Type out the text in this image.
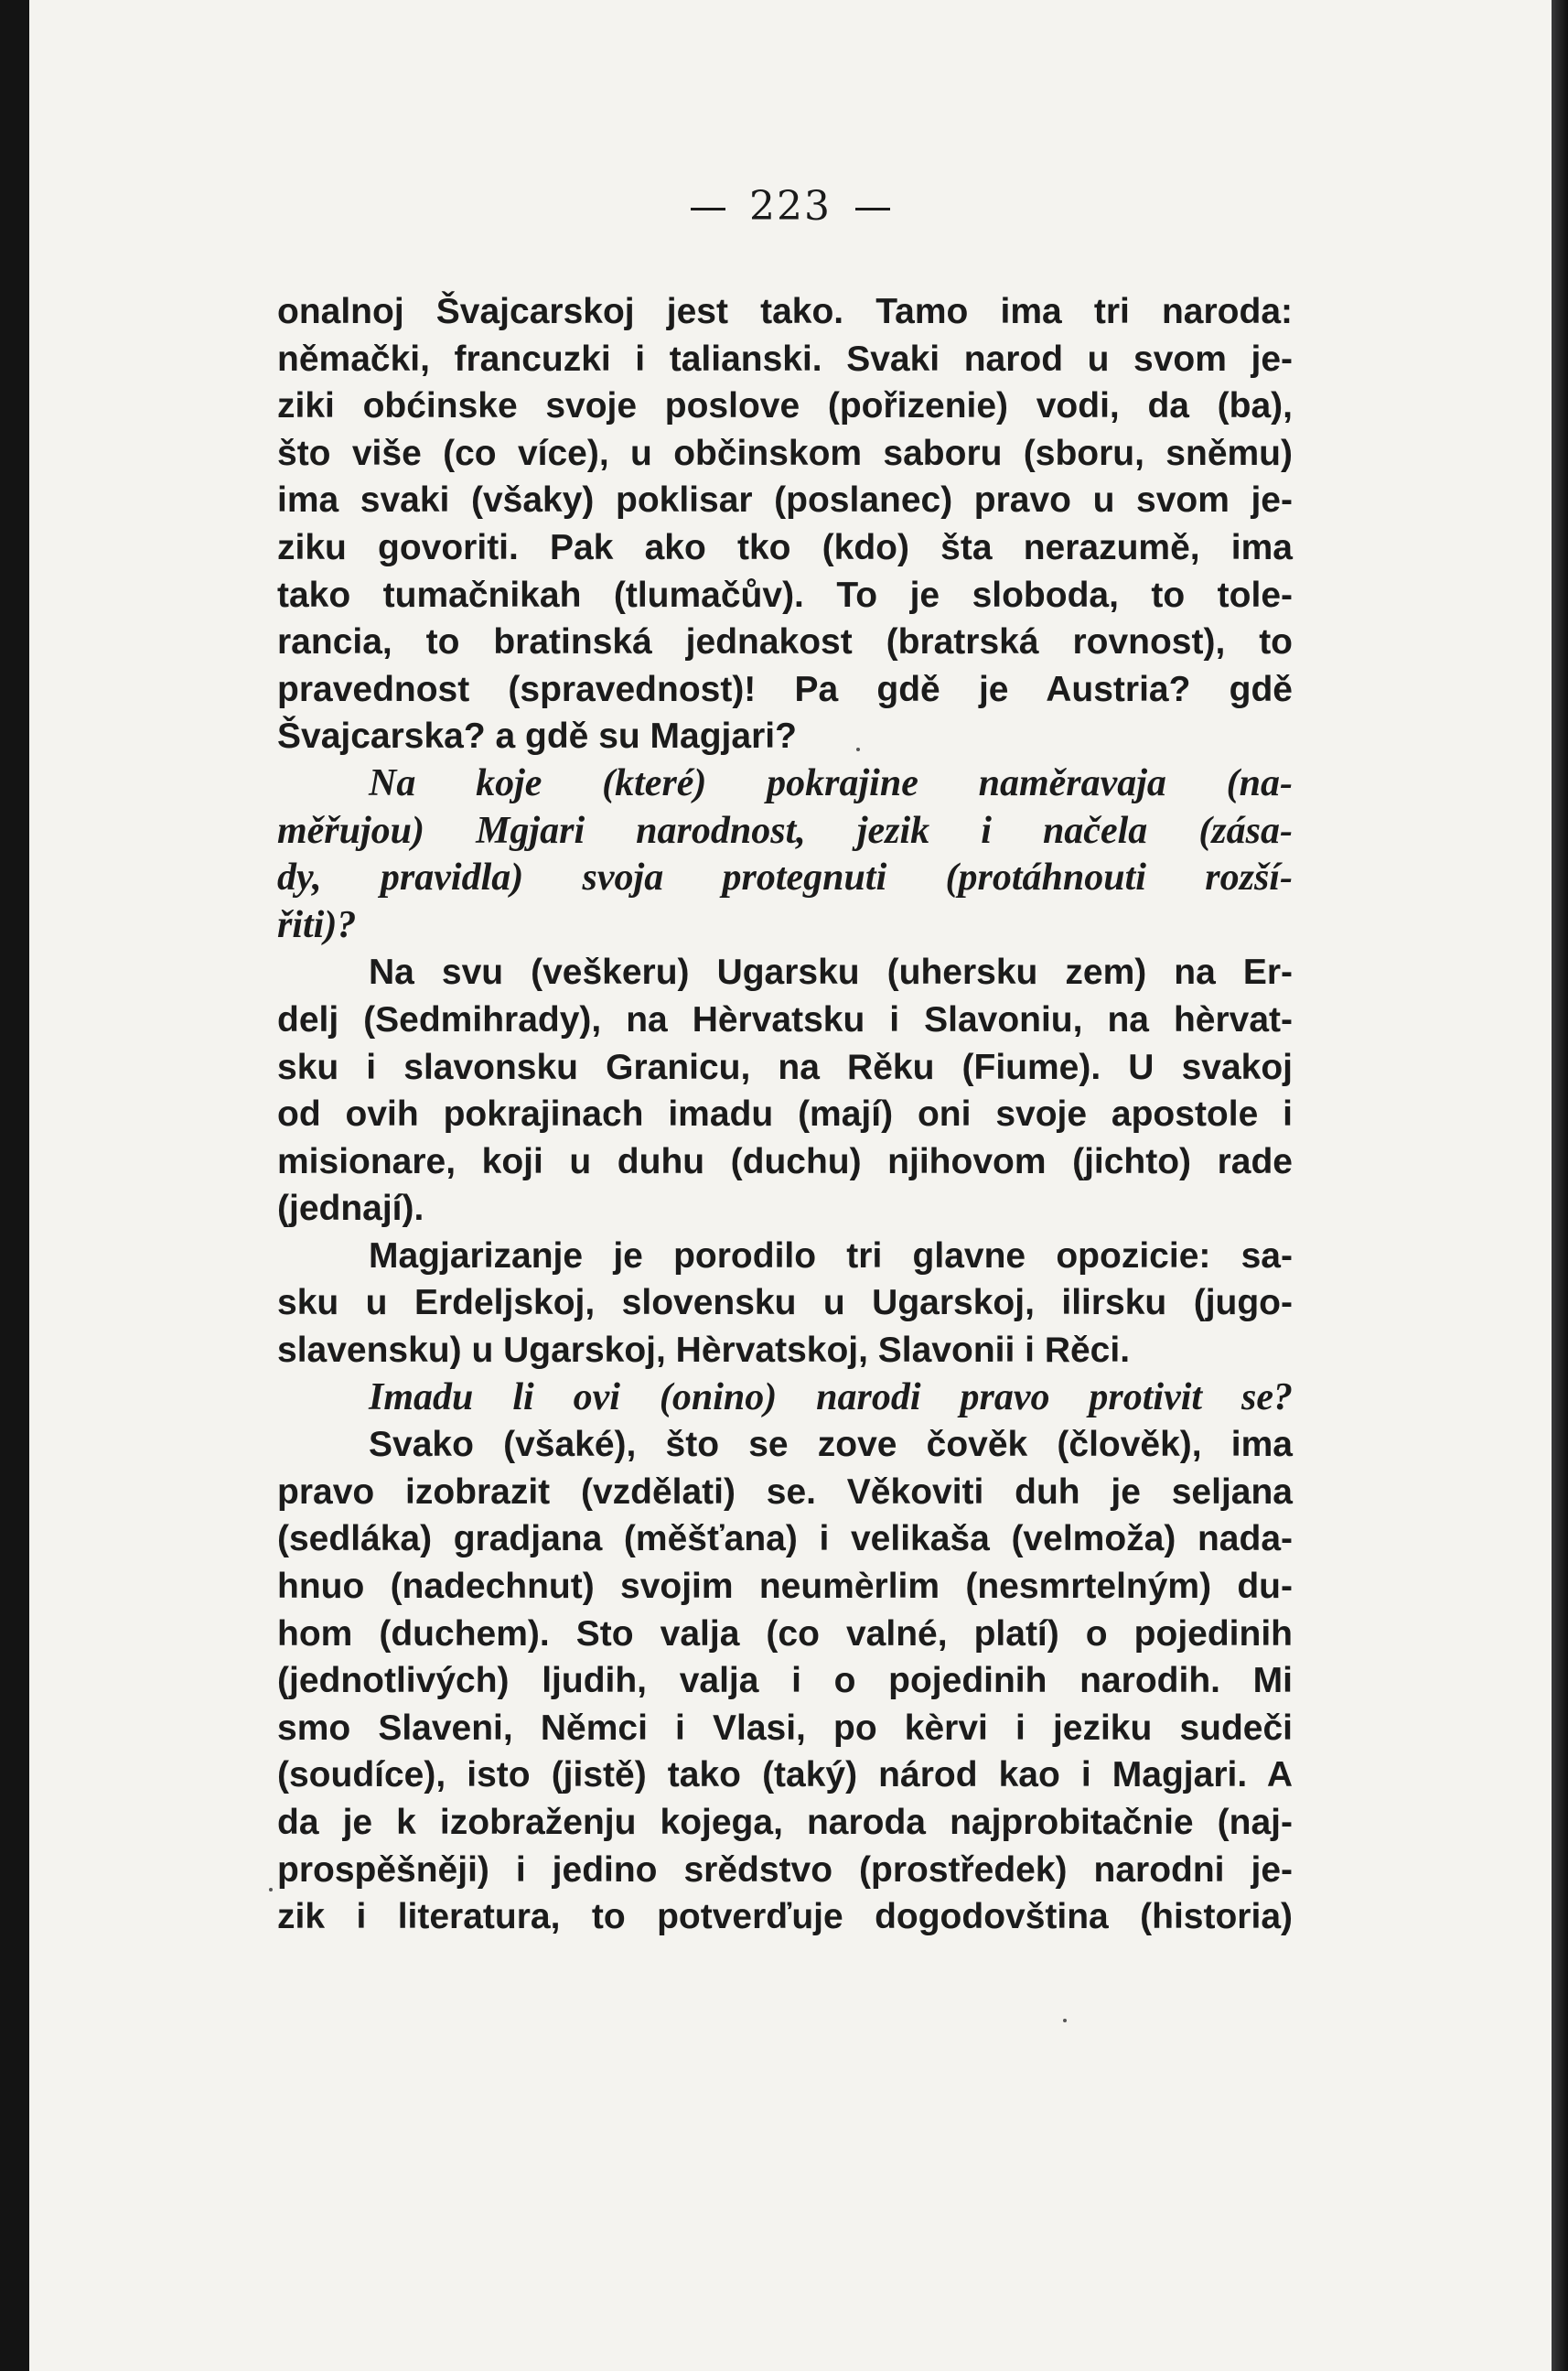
223
onalnoj Švajcarskoj jest tako. Tamo ima tri naroda:
němački, francuzki i talianski. Svaki narod u svom je-
ziki obćinske svoje poslove (pořizenie) vodi, da (ba),
što više (co více), u občinskom saboru (sboru, sněmu)
ima svaki (všaky) poklisar (poslanec) pravo u svom je-
ziku govoriti. Pak ako tko (kdo) šta nerazumě, ima
tako tumačnikah (tlumačův). To je sloboda, to tole-
rancia, to bratinská jednakost (bratrská rovnost), to
pravednost (spravednost)! Pa gdě je Austria? gdě
Švajcarska? a gdě su Magjari?
Na koje (které) pokrajine naměravaja (na-
měřujou) Mgjari narodnost, jezik i načela (zása-
dy, pravidla) svoja protegnuti (protáhnouti rozší-
řiti)?
Na svu (veškeru) Ugarsku (uhersku zem) na Er-
delj (Sedmihrady), na Hèrvatsku i Slavoniu, na hèrvat-
sku i slavonsku Granicu, na Rěku (Fiume). U svakoj
od ovih pokrajinach imadu (mají) oni svoje apostole i
misionare, koji u duhu (duchu) njihovom (jichto) rade
(jednají).
Magjarizanje je porodilo tri glavne opozicie: sa-
sku u Erdeljskoj, slovensku u Ugarskoj, ilirsku (jugo-
slavensku) u Ugarskoj, Hèrvatskoj, Slavonii i Rěci.
Imadu li ovi (onino) narodi pravo protivit se?
Svako (všaké), što se zove čověk (člověk), ima
pravo izobrazit (vzdělati) se. Věkoviti duh je seljana
(sedláka) gradjana (měšťana) i velikaša (velmoža) nada-
hnuo (nadechnut) svojim neumèrlim (nesmrtelným) du-
hom (duchem). Sto valja (co valné, platí) o pojedinih
(jednotlivých) ljudih, valja i o pojedinih narodih. Mi
smo Slaveni, Němci i Vlasi, po kèrvi i jeziku sudeči
(soudíce), isto (jistě) tako (taký) národ kao i Magjari. A
da je k izobraženju kojega, naroda najprobitačnie (naj-
prospěšněji) i jedino srědstvo (prostředek) narodni je-
zik i literatura, to potverďuje dogodovština (historia)
